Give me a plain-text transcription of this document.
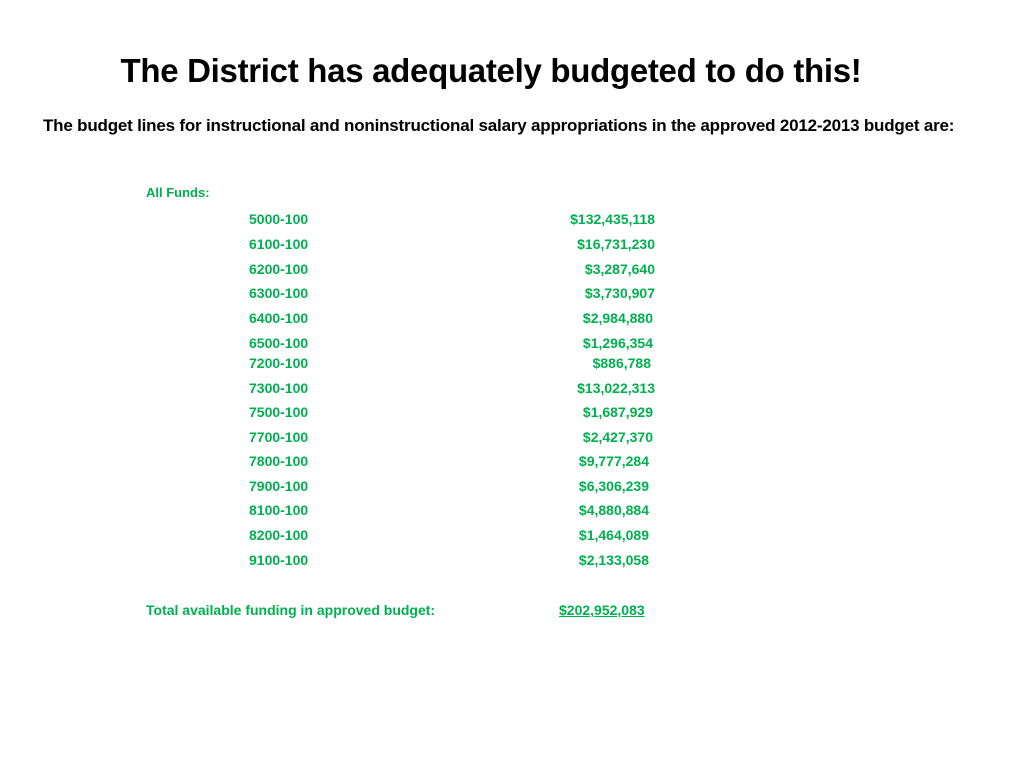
The District has adequately budgeted to do this!
The budget lines for instructional and noninstructional salary appropriations in the approved 2012-2013 budget are:
All Funds:
5000-100	$132,435,118
6100-100	$16,731,230
6200-100	$3,287,640
6300-100	$3,730,907
6400-100	$2,984,880
6500-100	$1,296,354
7200-100	$886,788
7300-100	$13,022,313
7500-100	$1,687,929
7700-100	$2,427,370
7800-100	$9,777,284
7900-100	$6,306,239
8100-100	$4,880,884
8200-100	$1,464,089
9100-100	$2,133,058
Total available funding in approved budget:	$202,952,083
